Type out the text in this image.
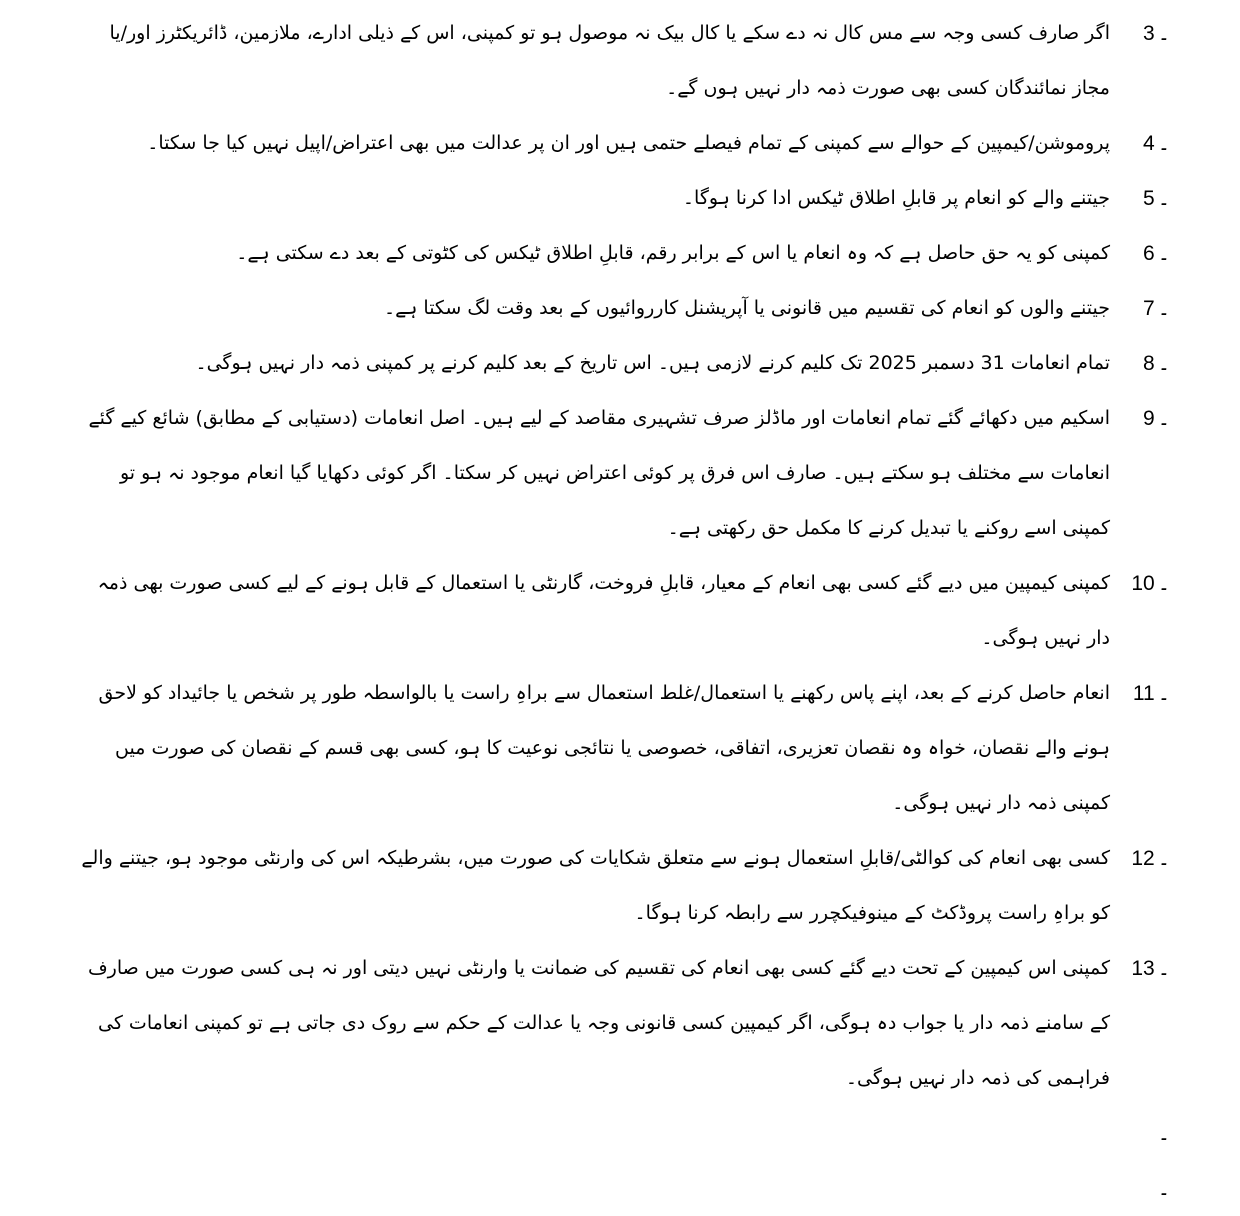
3 ۔
اگر صارف کسی وجہ سے مس کال نہ دے سکے یا کال بیک نہ موصول ہو تو کمپنی، اس کے ذیلی ادارے، ملازمین، ڈائریکٹرز اور/یا مجاز نمائندگان کسی بھی صورت ذمہ دار نہیں ہوں گے۔
4 ۔
پروموشن/کیمپین کے حوالے سے کمپنی کے تمام فیصلے حتمی ہیں اور ان پر عدالت میں بھی اعتراض/اپیل نہیں کیا جا سکتا۔
5 ۔
جیتنے والے کو انعام پر قابلِ اطلاق ٹیکس ادا کرنا ہوگا۔
6 ۔
کمپنی کو یہ حق حاصل ہے کہ وہ انعام یا اس کے برابر رقم، قابلِ اطلاق ٹیکس کی کٹوتی کے بعد دے سکتی ہے۔
7 ۔
جیتنے والوں کو انعام کی تقسیم میں قانونی یا آپریشنل کارروائیوں کے بعد وقت لگ سکتا ہے۔
8 ۔
تمام انعامات 31 دسمبر 2025 تک کلیم کرنے لازمی ہیں۔ اس تاریخ کے بعد کلیم کرنے پر کمپنی ذمہ دار نہیں ہوگی۔
9 ۔
اسکیم میں دکھائے گئے تمام انعامات اور ماڈلز صرف تشہیری مقاصد کے لیے ہیں۔ اصل انعامات (دستیابی کے مطابق) شائع کیے گئے انعامات سے مختلف ہو سکتے ہیں۔ صارف اس فرق پر کوئی اعتراض نہیں کر سکتا۔ اگر کوئی دکھایا گیا انعام موجود نہ ہو تو کمپنی اسے روکنے یا تبدیل کرنے کا مکمل حق رکھتی ہے۔
10 ۔
کمپنی کیمپین میں دیے گئے کسی بھی انعام کے معیار، قابلِ فروخت، گارنٹی یا استعمال کے قابل ہونے کے لیے کسی صورت بھی ذمہ دار نہیں ہوگی۔
11 ۔
انعام حاصل کرنے کے بعد، اپنے پاس رکھنے یا استعمال/غلط استعمال سے براہِ راست یا بالواسطہ طور پر شخص یا جائیداد کو لاحق ہونے والے نقصان، خواہ وہ نقصان تعزیری، اتفاقی، خصوصی یا نتائجی نوعیت کا ہو، کسی بھی قسم کے نقصان کی صورت میں کمپنی ذمہ دار نہیں ہوگی۔
12 ۔
کسی بھی انعام کی کوالٹی/قابلِ استعمال ہونے سے متعلق شکایات کی صورت میں، بشرطیکہ اس کی وارنٹی موجود ہو، جیتنے والے کو براہِ راست پروڈکٹ کے مینوفیکچرر سے رابطہ کرنا ہوگا۔
13 ۔
کمپنی اس کیمپین کے تحت دیے گئے کسی بھی انعام کی تقسیم کی ضمانت یا وارنٹی نہیں دیتی اور نہ ہی کسی صورت میں صارف کے سامنے ذمہ دار یا جواب دہ ہوگی، اگر کیمپین کسی قانونی وجہ یا عدالت کے حکم سے روک دی جاتی ہے تو کمپنی انعامات کی فراہمی کی ذمہ دار نہیں ہوگی۔
۔
۔
